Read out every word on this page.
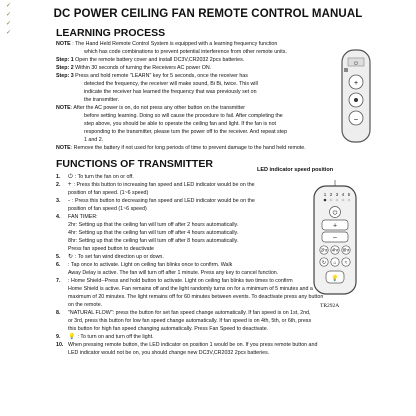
✓
✓
✓
✓
DC POWER CEILING FAN REMOTE CONTROL MANUAL
LEARNING PROCESS
NOTE : The Hand Held Remote Control System is equipped with a learning frequency function
which has code combinations to prevent potential interference from other remote units.
Step: 1 Open the remote battery cover and install DC3V,CR2032 2pcs batteries.
Step: 2 Within 30 seconds of turning the Receivers AC power ON.
Step: 3 Press and hold remote "LEARN" key for 5 seconds, once the receiver has
detected the frequency, the receiver will make sound, Bi Bi, twice. This will
indicate the receiver has learned the frequency that was previously set on
the transmitter.
NOTE: After the AC power is on, do not press any other button on the transmitter
before setting learning. Doing so will cause the procedure to fail. After completing the
step above, you should be able to operate the ceiling fan and light. If the fan is not
responding to the transmitter, please turn the power off to the receiver. And repeat step
1 and 2.
NOTE: Remove the battery if not used for long periods of time to prevent damage to the hand held remote.
⏻
+
–
FUNCTIONS OF TRANSMITTER	LED indicator speed position
1. ⏻ : To turn the fan on or off.
2. + : Press this button to increasing fan speed and LED indicator would be on the
position of fan speed. (1~6 speed)
3. - : Press this button to decreasing fan speed and LED indicator would be on the
position of fan speed (1~6 speed)
4. FAN TIMER:
2hr: Setting up that the ceiling fan will turn off after 2 hours automatically.
4hr: Setting up that the ceiling fan will turn off after 4 hours automatically.
8hr: Setting up that the ceiling fan will turn off after 8 hours automatically.
Press fan speed button to deactivate
5. ↻ : To set fan wind direction up or down.
6. : Tap once to activate. Light on ceiling fan blinks once to confirm. Walk
Away Delay is active. The fan will turn off after 1 minute. Press any key to cancel function.
7. : Home Shield--Press and hold button to activate. Light on ceiling fan blinks two times to confirm
Home Shield is active. Fan remains off and the light randomly turns on for a minimum of 5 minutes and a
maximum of 20 minutes. The light remains off for 60 minutes between events. To deactivate press any button
on the remote.
8. "NATURAL FLOW": press the button for set fan speed change automatically. If fan speed is on 1st, 2nd,
or 3rd, press this button for low fan speed change automatically. If fan speed is on 4th, 5th, or 6th, press
this button for high fan speed changing automatically. Press Fan Speed to deactivate.
9. 💡 : To turn on and turn off the light.
10. When pressing remote button, the LED indicator on position 1 would be on. If you press remote button and
LED indicator would not be on, you should change new DC3V,CR2032 2pcs batteries.
1 2 3 4 5
⏻
+
–
2hr 4hr 8hr
↻ ⌂ ≈
💡
TR292A
